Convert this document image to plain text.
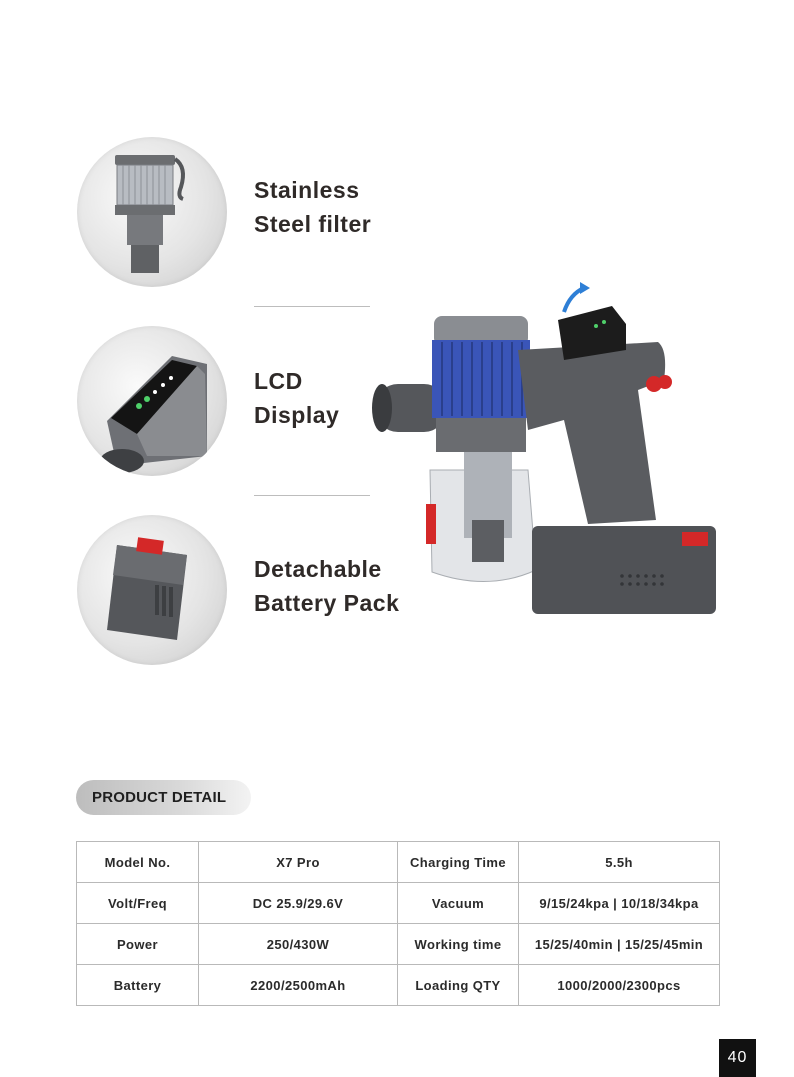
Stainless
Steel filter
LCD
Display
Detachable
Battery Pack
PRODUCT DETAIL
Model No.	X7 Pro	Charging Time	5.5h
Volt/Freq	DC 25.9/29.6V	Vacuum	9/15/24kpa | 10/18/34kpa
Power	250/430W	Working time	15/25/40min | 15/25/45min
Battery	2200/2500mAh	Loading QTY	1000/2000/2300pcs
40
